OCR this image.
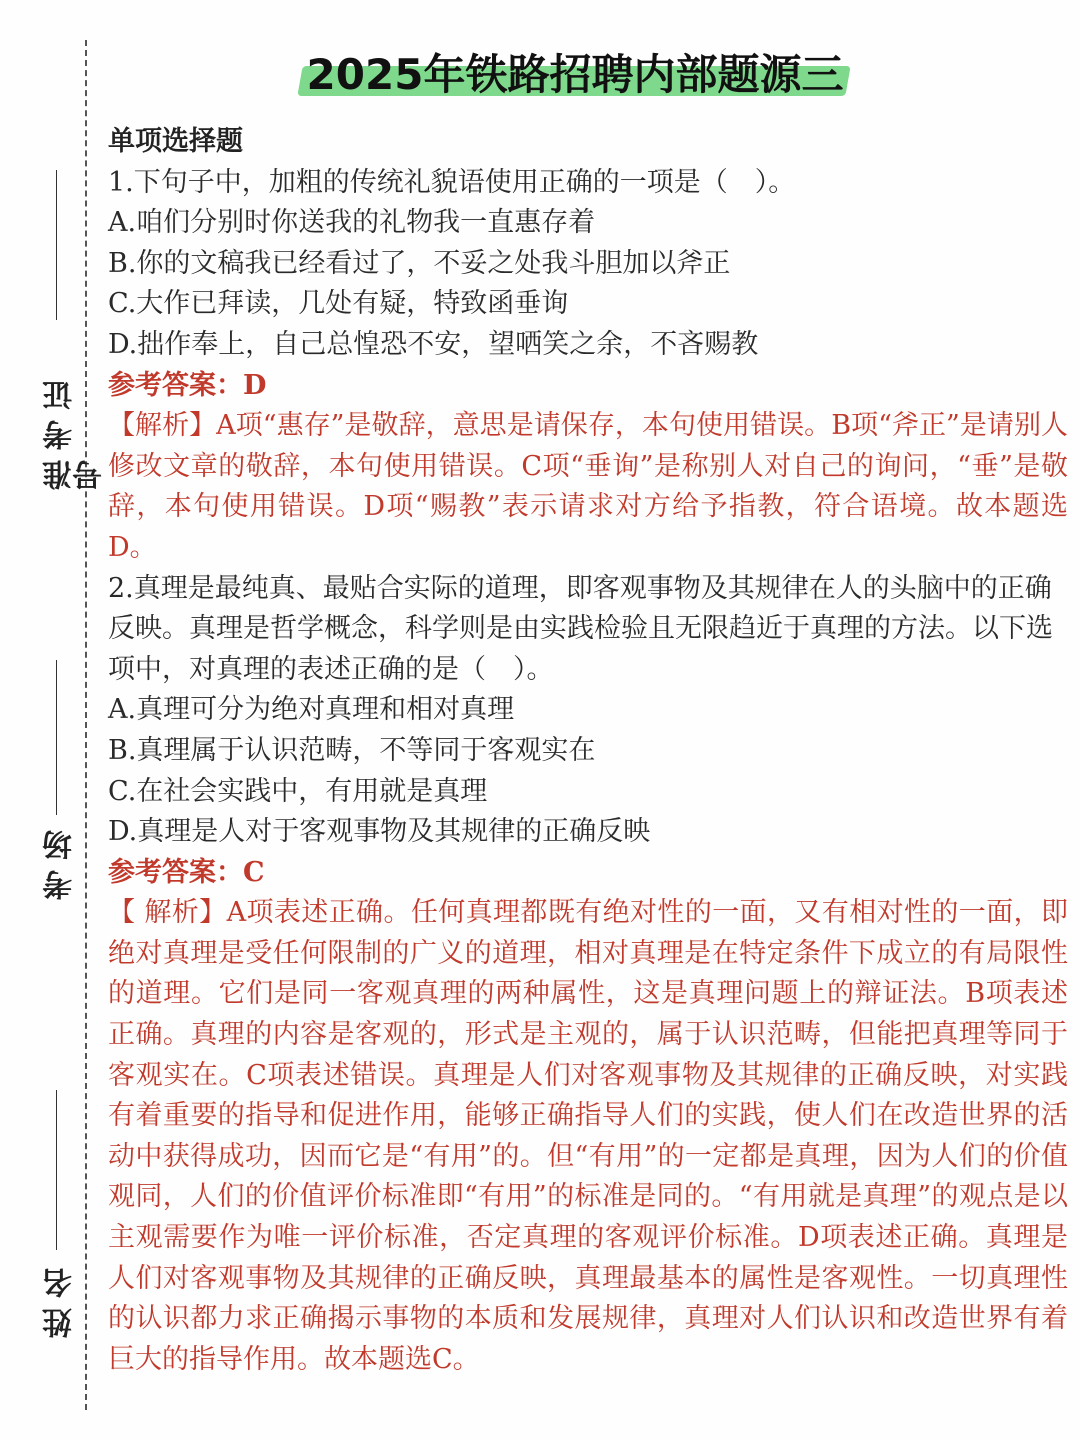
准考证号
考场
姓名
2025年铁路招聘内部题源三

单项选择题

1.下句子中，加粗的传统礼貌语使用正确的一项是（　）。

A.咱们分别时你送我的礼物我一直惠存着

B.你的文稿我已经看过了，不妥之处我斗胆加以斧正

C.大作已拜读，几处有疑，特致函垂询

D.拙作奉上，自己总惶恐不安，望哂笑之余，不吝赐教

参考答案：D

【解析】A项“惠存”是敬辞，意思是请保存，本句使用错误。B项“斧正”是请别人修改文章的敬辞，本句使用错误。C项“垂询”是称别人对自己的询问，“垂”是敬辞，本句使用错误。D项“赐教”表示请求对方给予指教，符合语境。故本题选D。

2.真理是最纯真、最贴合实际的道理，即客观事物及其规律在人的头脑中的正确反映。真理是哲学概念，科学则是由实践检验且无限趋近于真理的方法。以下选项中，对真理的表述正确的是（　）。

A.真理可分为绝对真理和相对真理

B.真理属于认识范畴，不等同于客观实在

C.在社会实践中，有用就是真理

D.真理是人对于客观事物及其规律的正确反映

参考答案：C

【 解析】A项表述正确。任何真理都既有绝对性的一面，又有相对性的一面，即绝对真理是受任何限制的广义的道理，相对真理是在特定条件下成立的有局限性的道理。它们是同一客观真理的两种属性，这是真理问题上的辩证法。B项表述正确。真理的内容是客观的，形式是主观的，属于认识范畴，但能把真理等同于客观实在。C项表述错误。真理是人们对客观事物及其规律的正确反映，对实践有着重要的指导和促进作用，能够正确指导人们的实践，使人们在改造世界的活动中获得成功，因而它是“有用”的。但“有用”的一定都是真理，因为人们的价值观同，人们的价值评价标准即“有用”的标准是同的。“有用就是真理”的观点是以主观需要作为唯一评价标准，否定真理的客观评价标准。D项表述正确。真理是人们对客观事物及其规律的正确反映，真理最基本的属性是客观性。一切真理性的认识都力求正确揭示事物的本质和发展规律，真理对人们认识和改造世界有着巨大的指导作用。故本题选C。
